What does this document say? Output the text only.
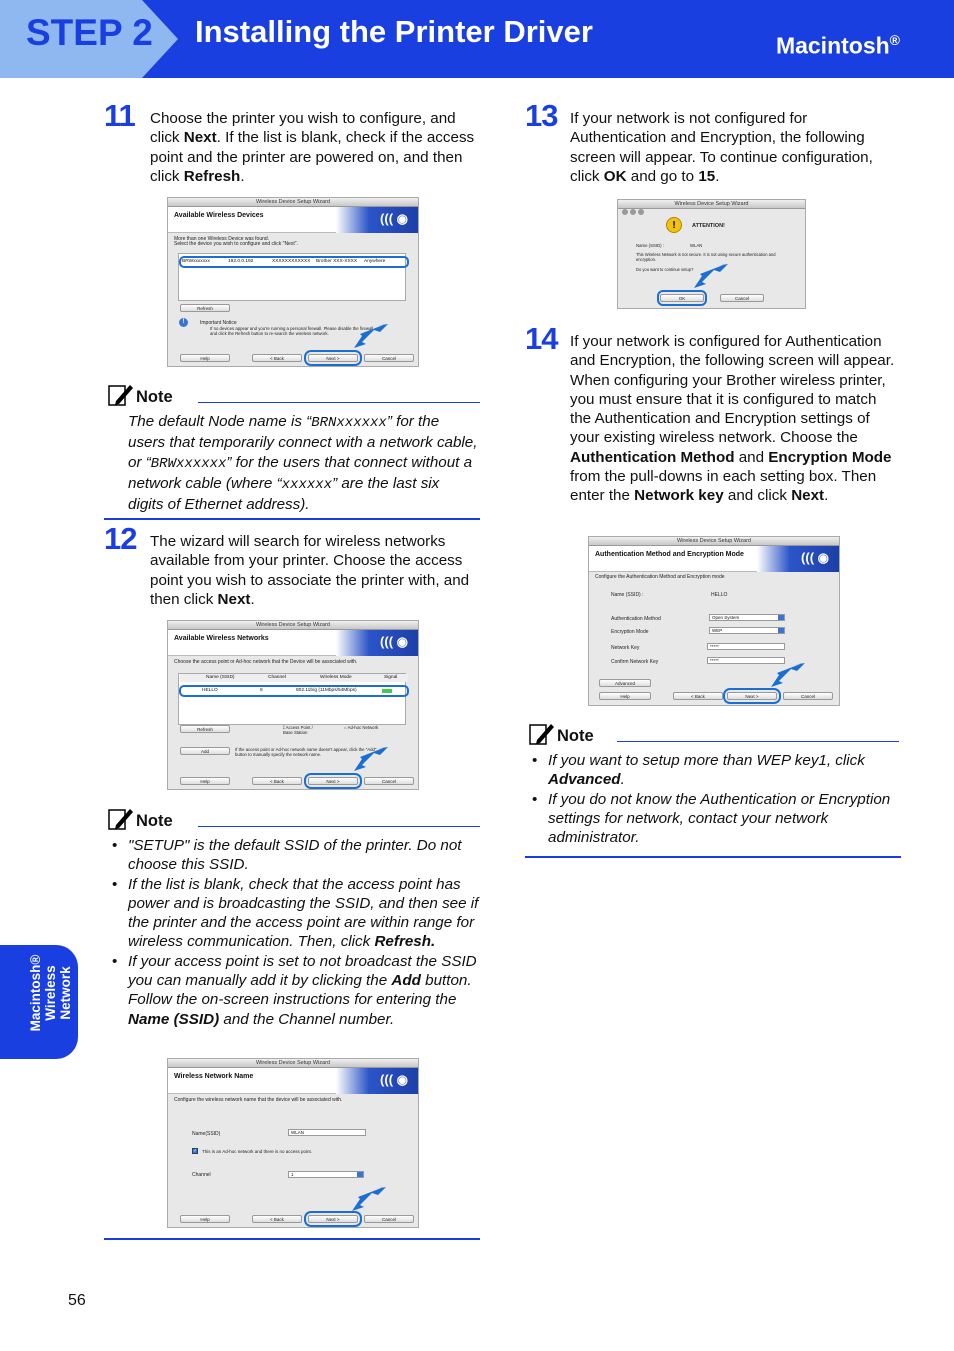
STEP 2 Installing the Printer Driver	Macintosh®
Macintosh® Wireless Network
56
11 Choose the printer you wish to configure, and click Next. If the list is blank, check if the access point and the printer are powered on, and then click Refresh.
Wireless Device Setup Wizard
Available Wireless Devices
((( ◉
More than one Wireless Device was found.
Select the device you wish to configure and click "Next".
BRWxxxxxxx	192.0.0.192	XXXXXXXXXXXX Brother XXX-XXXX Anywhere
Refresh
!	Important Notice
If no devices appear and you're running a personal firewall. Please disable the firewall
and click the Refresh button to re-search the wireless network.
Help	< Back	Next >	Cancel
Note
The default Node name is “BRNxxxxxx” for the users that temporarily connect with a network cable, or “BRWxxxxxx” for the users that connect without a network cable (where “xxxxxx” are the last six digits of Ethernet address).
12 The wizard will search for wireless networks available from your printer. Choose the access point you wish to associate the printer with, and then click Next.
Wireless Device Setup Wizard
Available Wireless Networks
((( ◉
Choose the access point or Ad-hoc network that the Device will be associated with.
Name (SSID)	Channel	Wireless Mode	Signal
HELLO	8	802.11b/g (11Mbps/54Mbps)
Refresh	⟟ Access Point / Base Station
⌂ Ad-hoc Network
Add	If the access point or Ad-hoc network name doesn't appear, click the "Add"
button to manually specify the network name.
Help	< Back	Next >	Cancel
Note
• "SETUP" is the default SSID of the printer. Do not choose this SSID.
• If the list is blank, check that the access point has power and is broadcasting the SSID, and then see if the printer and the access point are within range for wireless communication. Then, click Refresh.
• If your access point is set to not broadcast the SSID you can manually add it by clicking the Add button. Follow the on-screen instructions for entering the Name (SSID) and the Channel number.
Wireless Device Setup Wizard
Wireless Network Name
((( ◉
Configure the wireless network name that the device will be associated with.
Name(SSID)	WLAN
✓ This is an Ad-hoc network and there is no access point.
Channel	1
Help	< Back	Next >	Cancel
13 If your network is not configured for Authentication and Encryption, the following screen will appear. To continue configuration, click OK and go to 15.
Wireless Device Setup Wizard
!	ATTENTION!
Name (SSID) :	WLAN
This Wireless Network is not secure. It is not using secure authentication and
encryption.
Do you want to continue setup?
OK	Cancel
14 If your network is configured for Authentication and Encryption, the following screen will appear. When configuring your Brother wireless printer, you must ensure that it is configured to match the Authentication and Encryption settings of your existing wireless network. Choose the Authentication Method and Encryption Mode from the pull-downs in each setting box. Then enter the Network key and click Next.
Wireless Device Setup Wizard
Authentication Method and Encryption Mode
((( ◉
Configure the Authentication Method and Encryption mode
Name (SSID) :	HELLO
Authentication Method	Open System
Encryption Mode	WEP
Network Key	*****
Confirm Network Key	*****
Advanced
Help	< Back	Next >	Cancel
Note
• If you want to setup more than WEP key1, click Advanced.
• If you do not know the Authentication or Encryption settings for network, contact your network administrator.
